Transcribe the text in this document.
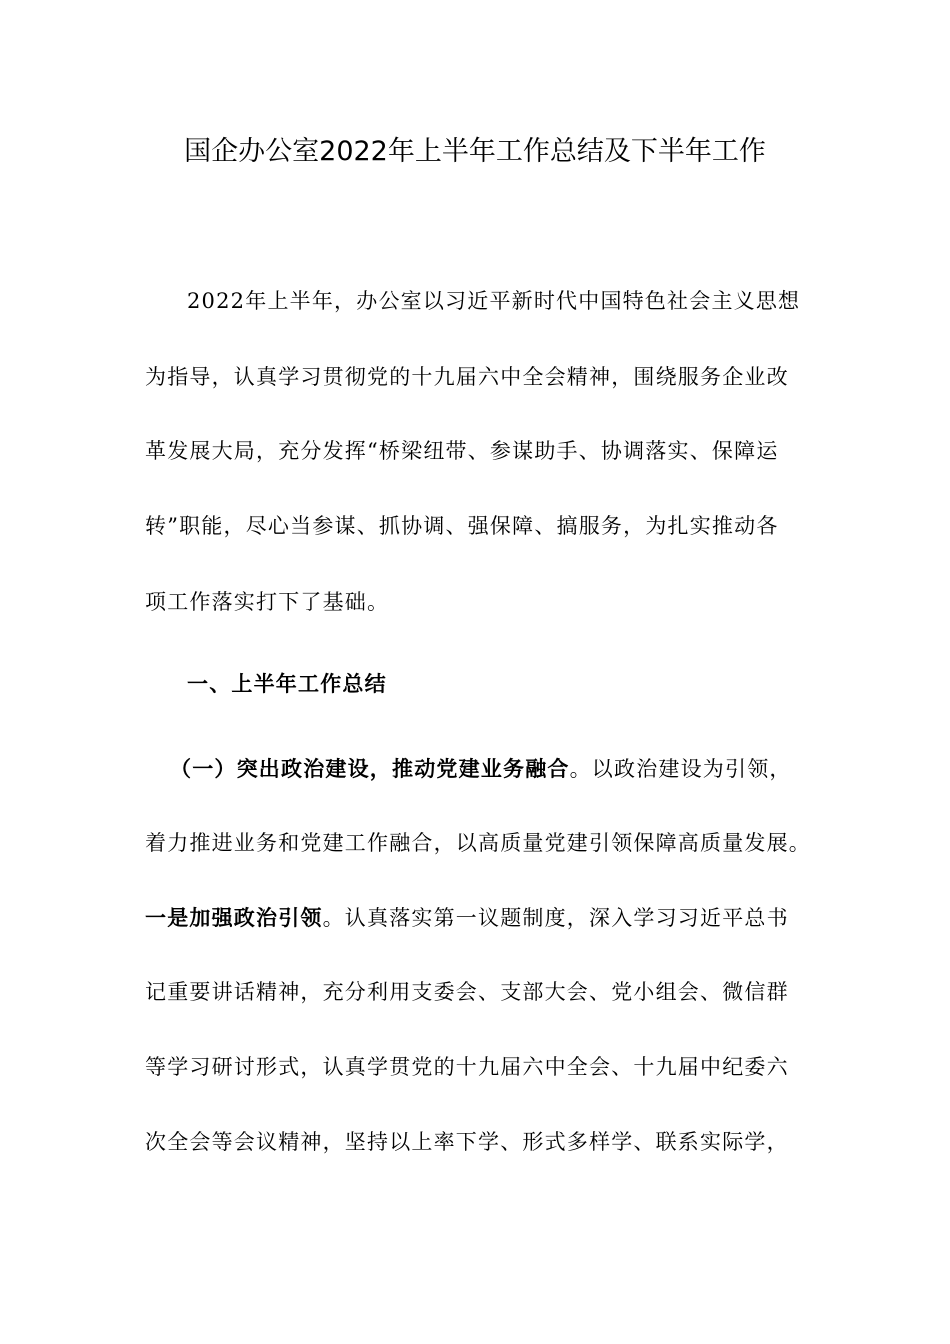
国企办公室2022年上半年工作总结及下半年工作
2022年上半年，办公室以习近平新时代中国特色社会主义思想
为指导，认真学习贯彻党的十九届六中全会精神，围绕服务企业改
革发展大局，充分发挥“桥梁纽带、参谋助手、协调落实、保障运
转”职能，尽心当参谋、抓协调、强保障、搞服务，为扎实推动各
项工作落实打下了基础。
一、上半年工作总结
（一）突出政治建设，推动党建业务融合。以政治建设为引领，
着力推进业务和党建工作融合，以高质量党建引领保障高质量发展。
一是加强政治引领。认真落实第一议题制度，深入学习习近平总书
记重要讲话精神，充分利用支委会、支部大会、党小组会、微信群
等学习研讨形式，认真学贯党的十九届六中全会、十九届中纪委六
次全会等会议精神，坚持以上率下学、形式多样学、联系实际学，
